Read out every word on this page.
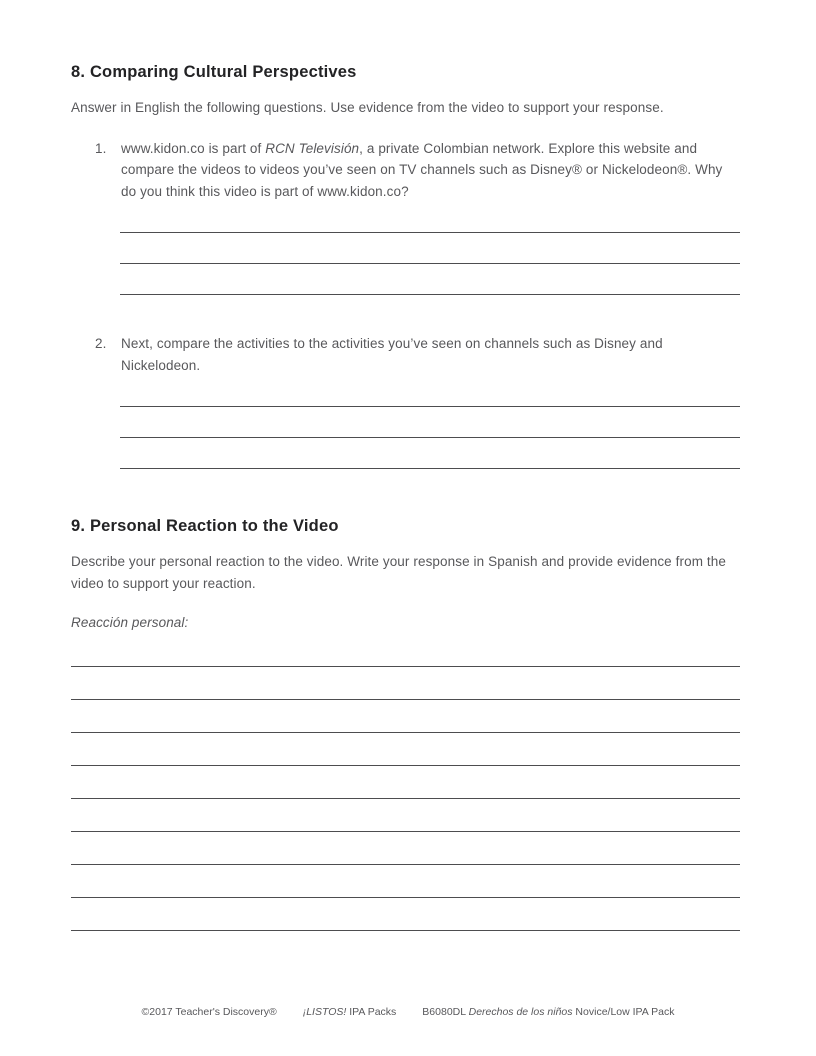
8. Comparing Cultural Perspectives

Answer in English the following questions. Use evidence from the video to support your response.

1.	www.kidon.co is part of RCN Televisión, a private Colombian network. Explore this website and compare the videos to videos you’ve seen on TV channels such as Disney® or Nickelodeon®. Why do you think this video is part of www.kidon.co?

2.	Next, compare the activities to the activities you’ve seen on channels such as Disney and Nickelodeon.

9. Personal Reaction to the Video

Describe your personal reaction to the video. Write your response in Spanish and provide evidence from the video to support your reaction.

Reacción personal:

©2017 Teacher's Discovery® ¡LISTOS! IPA Packs B6080DL Derechos de los niños Novice/Low IPA Pack
